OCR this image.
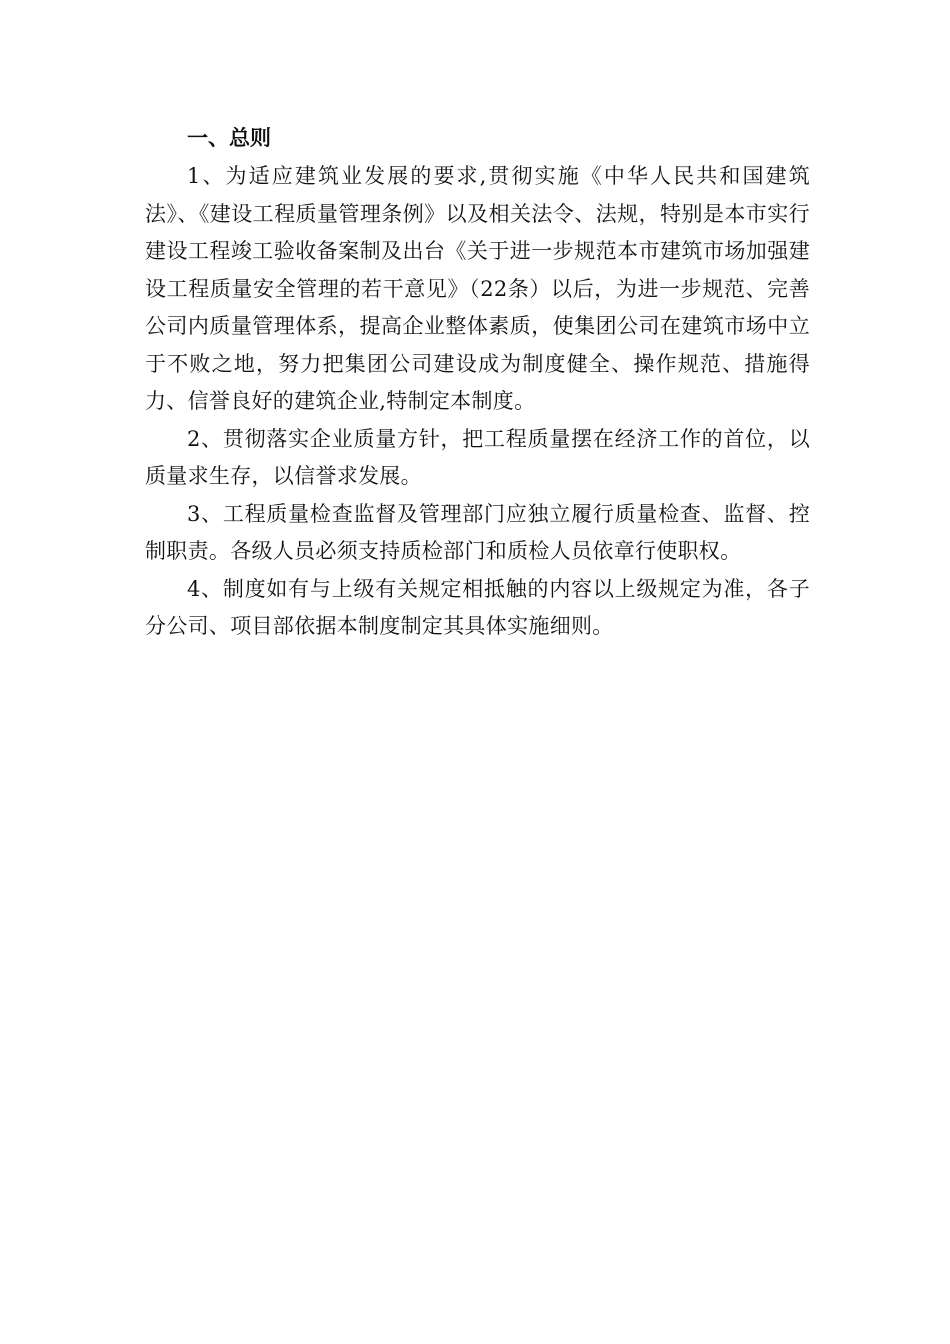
一、总则

1、为适应建筑业发展的要求,贯彻实施《中华人民共和国建筑法》、《建设工程质量管理条例》以及相关法令、法规，特别是本市实行建设工程竣工验收备案制及出台《关于进一步规范本市建筑市场加强建设工程质量安全管理的若干意见》（22条）以后，为进一步规范、完善公司内质量管理体系，提高企业整体素质，使集团公司在建筑市场中立于不败之地，努力把集团公司建设成为制度健全、操作规范、措施得力、信誉良好的建筑企业,特制定本制度。

2、贯彻落实企业质量方针，把工程质量摆在经济工作的首位，以质量求生存，以信誉求发展。

3、工程质量检查监督及管理部门应独立履行质量检查、监督、控制职责。各级人员必须支持质检部门和质检人员依章行使职权。

4、制度如有与上级有关规定相抵触的内容以上级规定为准，各子分公司、项目部依据本制度制定其具体实施细则。
